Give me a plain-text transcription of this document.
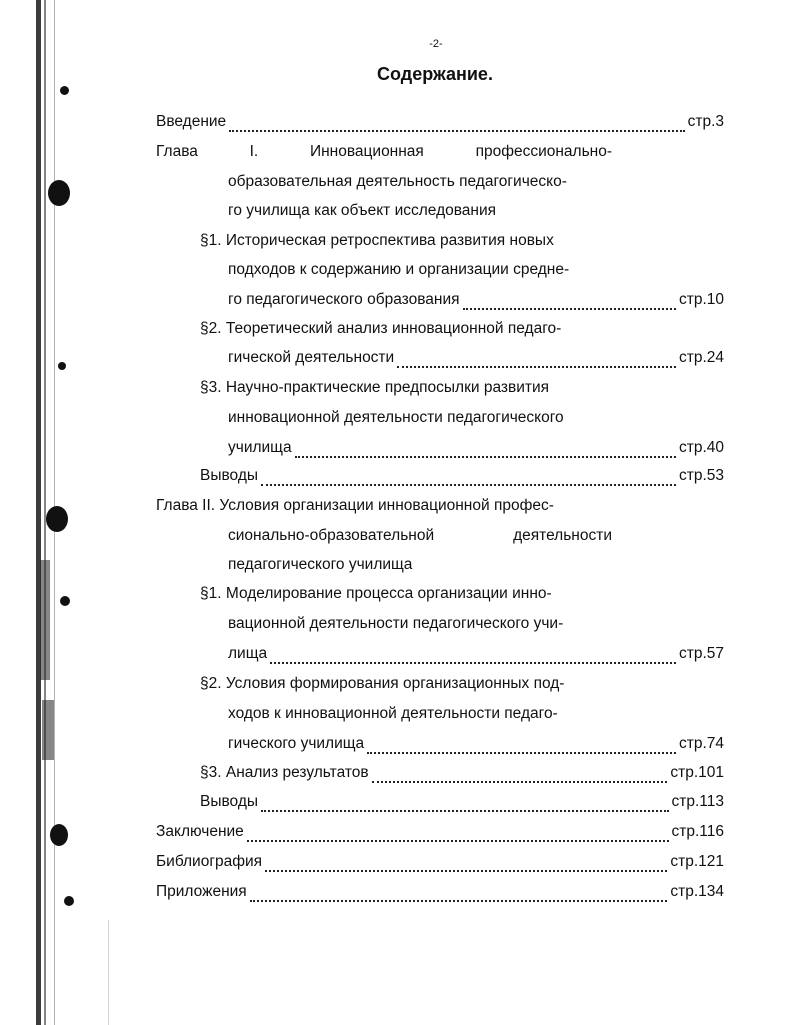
-2-
Содержание.
Введение	стр.3
Глава	I.	Инновационная	профессионально-
образовательная деятельность педагогическо-
го училища как объект исследования
§1. Историческая ретроспектива развития новых
подходов к содержанию и организации средне-
го педагогического образования	стр.10
§2. Теоретический анализ инновационной педаго-
гической деятельности	стр.24
§3. Научно-практические предпосылки развития
инновационной деятельности педагогического
училища	стр.40
Выводы	стр.53
Глава II. Условия организации инновационной профес-
сионально-образовательной	деятельности
педагогического училища
§1. Моделирование процесса организации инно-
вационной деятельности педагогического учи-
лища	стр.57
§2. Условия формирования организационных под-
ходов к инновационной деятельности педаго-
гического училища	стр.74
§3. Анализ результатов	стр.101
Выводы	стр.113
Заключение	стр.116
Библиография	стр.121
Приложения	стр.134
